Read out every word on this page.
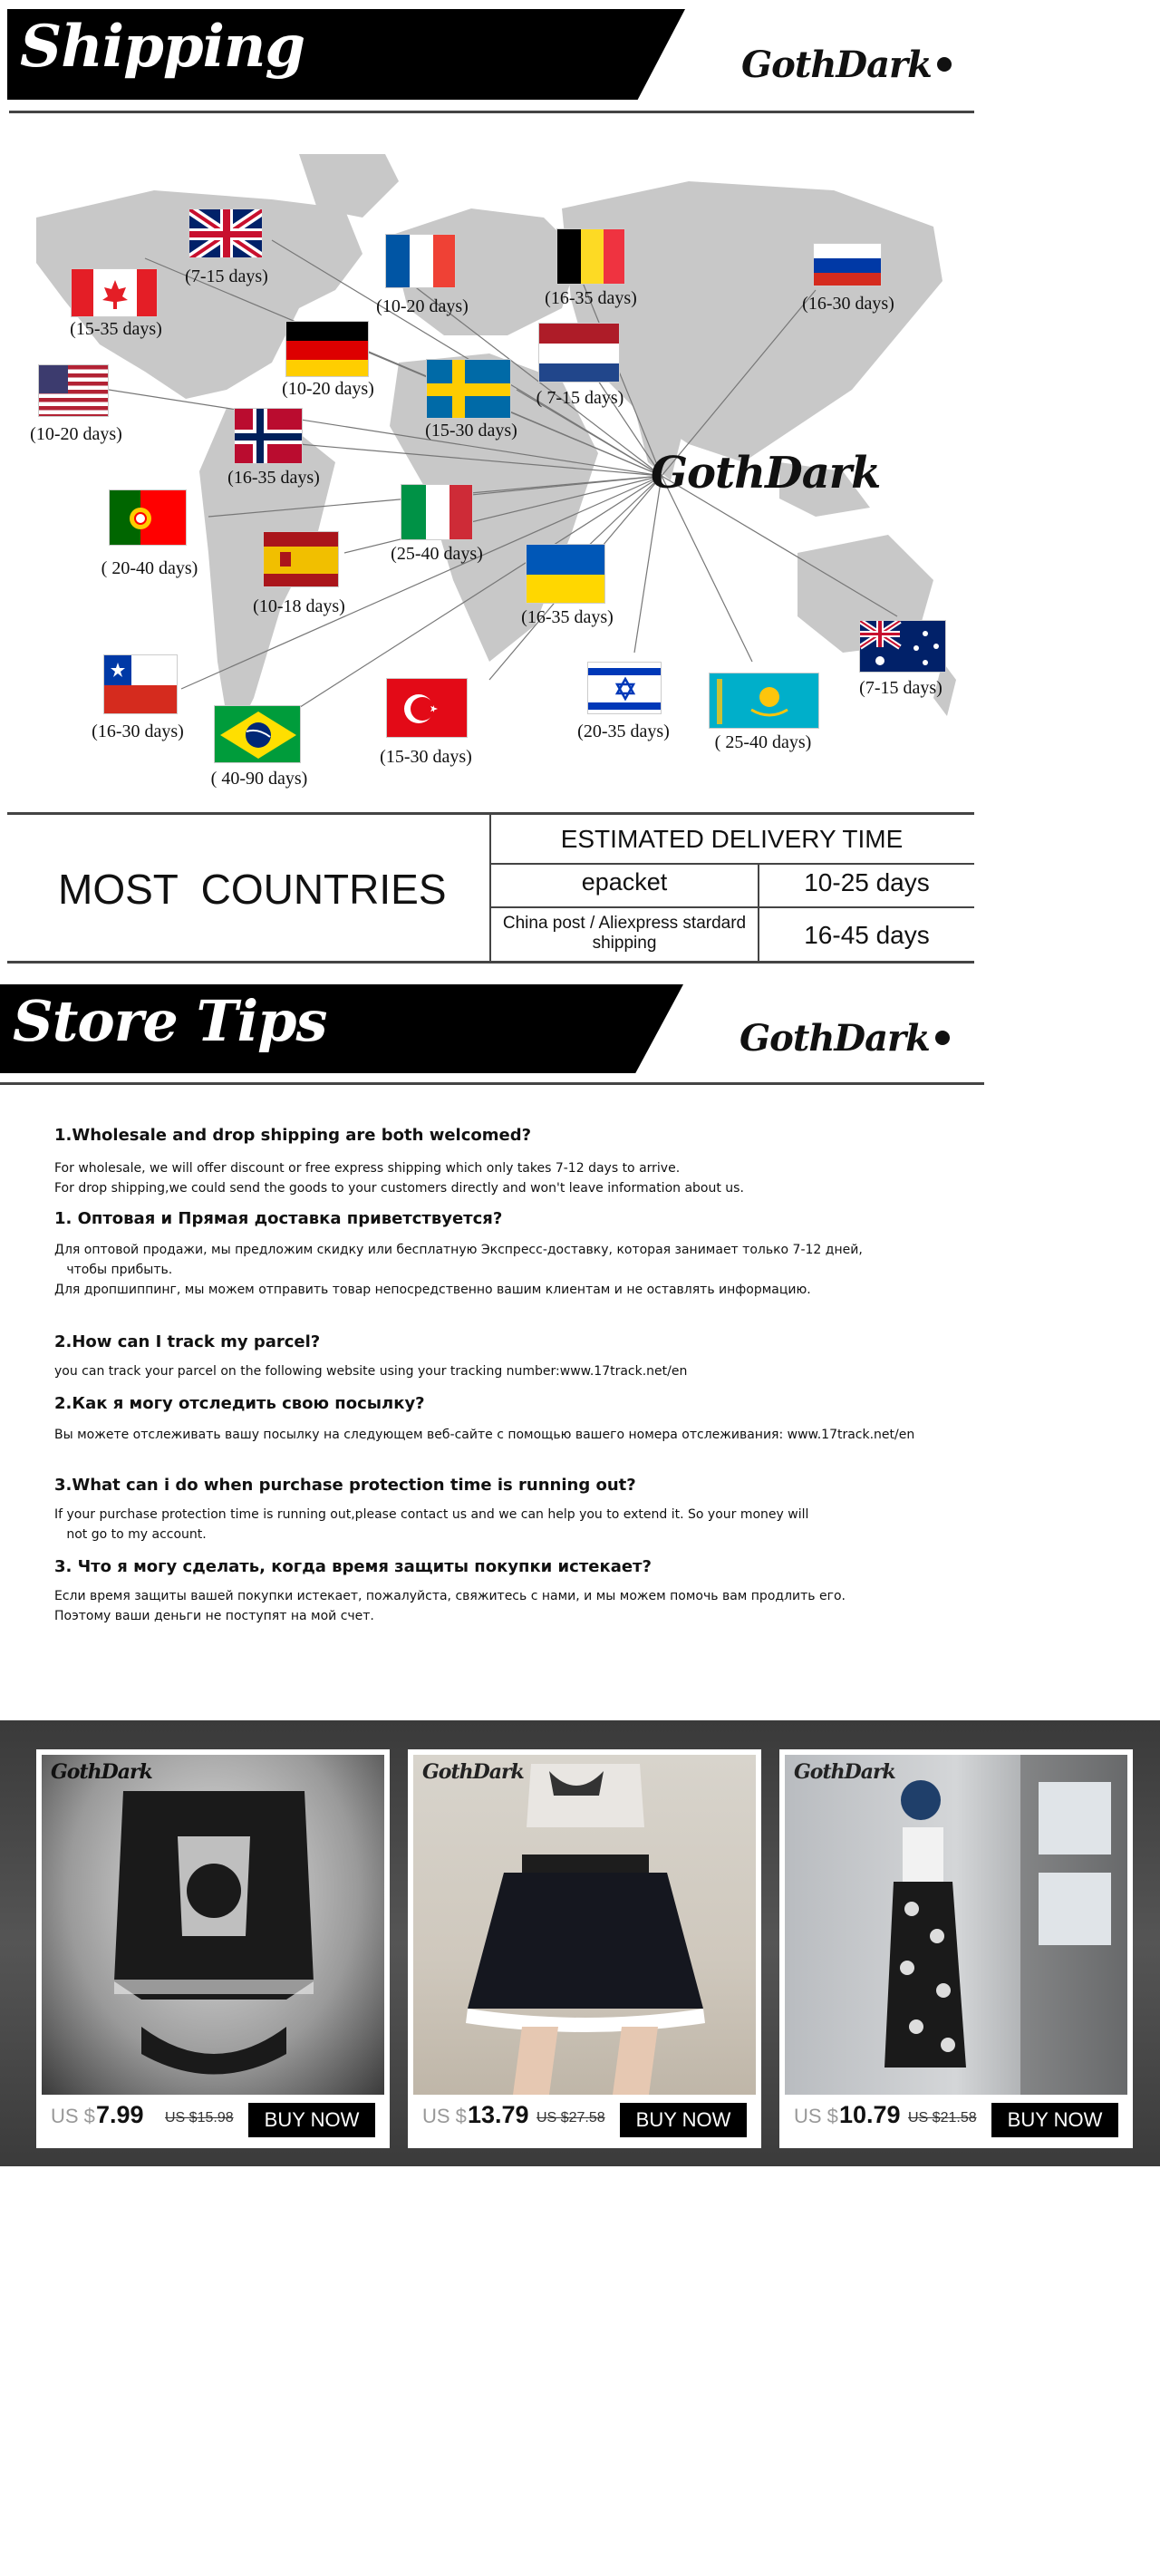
Shipping	GothDark
GothDark
(15-35 days)
(7-15 days)
(10-20 days)	(16-35 days)	(16-30 days)
(10-20 days)	( 7-15 days)
(10-20 days)	(15-30 days)
(16-35 days)
( 20-40 days)
(25-40 days)
(10-18 days)
(16-35 days)
(16-30 days)
(15-30 days)
(20-35 days)
( 25-40 days)
(7-15 days)
( 40-90 days)
MOST  COUNTRIES
ESTIMATED DELIVERY TIME
epacket	10-25 days
China post / Aliexpress stardard shipping	16-45 days
Store Tips	GothDark
1.Wholesale and drop shipping are both welcomed?
For wholesale, we will offer discount or free express shipping which only takes 7-12 days to arrive.
For drop shipping,we could send the goods to your customers directly and won't leave information about us.
1. Оптовая и Прямая доставка приветствуется?
Для оптовой продажи, мы предложим скидку или бесплатную Экспресс-доставку, которая занимает только 7-12 дней,
чтобы прибыть.
Для дропшиппинг, мы можем отправить товар непосредственно вашим клиентам и не оставлять информацию.
2.How can I track my parcel?
you can track your parcel on the following website using your tracking number:www.17track.net/en
2.Как я могу отследить свою посылку?
Вы можете отслеживать вашу посылку на следующем веб-сайте с помощью вашего номера отслеживания: www.17track.net/en
3.What can i do when purchase protection time is running out?
If your purchase protection time is running out,please contact us and we can help you to extend it. So your money will
not go to my account.
3. Что я могу сделать, когда время защиты покупки истекает?
Если время защиты вашей покупки истекает, пожалуйста, свяжитесь с нами, и мы можем помочь вам продлить его.
Поэтому ваши деньги не поступят на мой счет.
GothDark
US $ 7.99 US $15.98	BUY NOW
GothDark
US $ 13.79 US $27.58	BUY NOW
GothDark
US $ 10.79 US $21.58	BUY NOW
